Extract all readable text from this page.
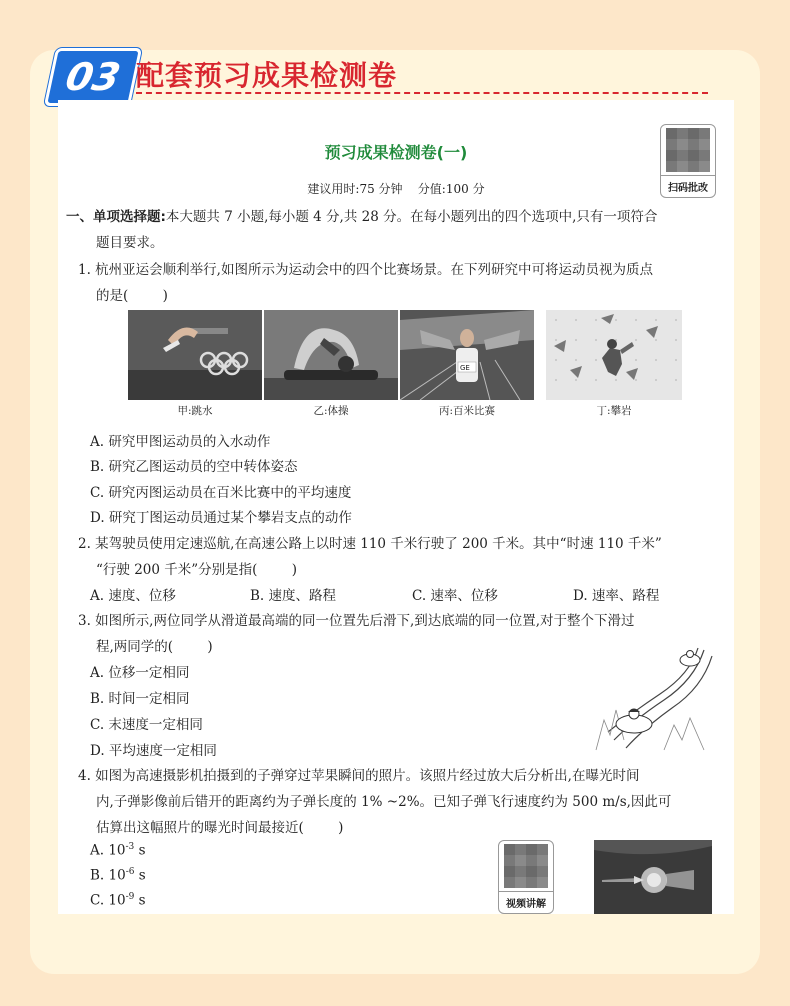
03 配套预习成果检测卷
扫码批改
预习成果检测卷(一)
建议用时:75 分钟    分值:100 分
一、单项选择题:本大题共 7 小题,每小题 4 分,共 28 分。在每小题列出的四个选项中,只有一项符合
题目要求。
1. 杭州亚运会顺利举行,如图所示为运动会中的四个比赛场景。在下列研究中可将运动员视为质点
的是(        )
甲:跳水	乙:体操
GE
丙:百米比赛	丁:攀岩
A. 研究甲图运动员的入水动作
B. 研究乙图运动员的空中转体姿态
C. 研究丙图运动员在百米比赛中的平均速度
D. 研究丁图运动员通过某个攀岩支点的动作
2. 某驾驶员使用定速巡航,在高速公路上以时速 110 千米行驶了 200 千米。其中“时速 110 千米”
“行驶 200 千米”分别是指(        )
A. 速度、位移	B. 速度、路程	C. 速率、位移	D. 速率、路程
3. 如图所示,两位同学从滑道最高端的同一位置先后滑下,到达底端的同一位置,对于整个下滑过
程,两同学的(        )
A. 位移一定相同
B. 时间一定相同
C. 末速度一定相同
D. 平均速度一定相同
4. 如图为高速摄影机拍摄到的子弹穿过苹果瞬间的照片。该照片经过放大后分析出,在曝光时间
内,子弹影像前后错开的距离约为子弹长度的 1% ~2%。已知子弹飞行速度约为 500 m/s,因此可
估算出这幅照片的曝光时间最接近(        )
A. $10^{-3}$ s
B. $10^{-6}$ s
C. $10^{-9}$ s	视频讲解
